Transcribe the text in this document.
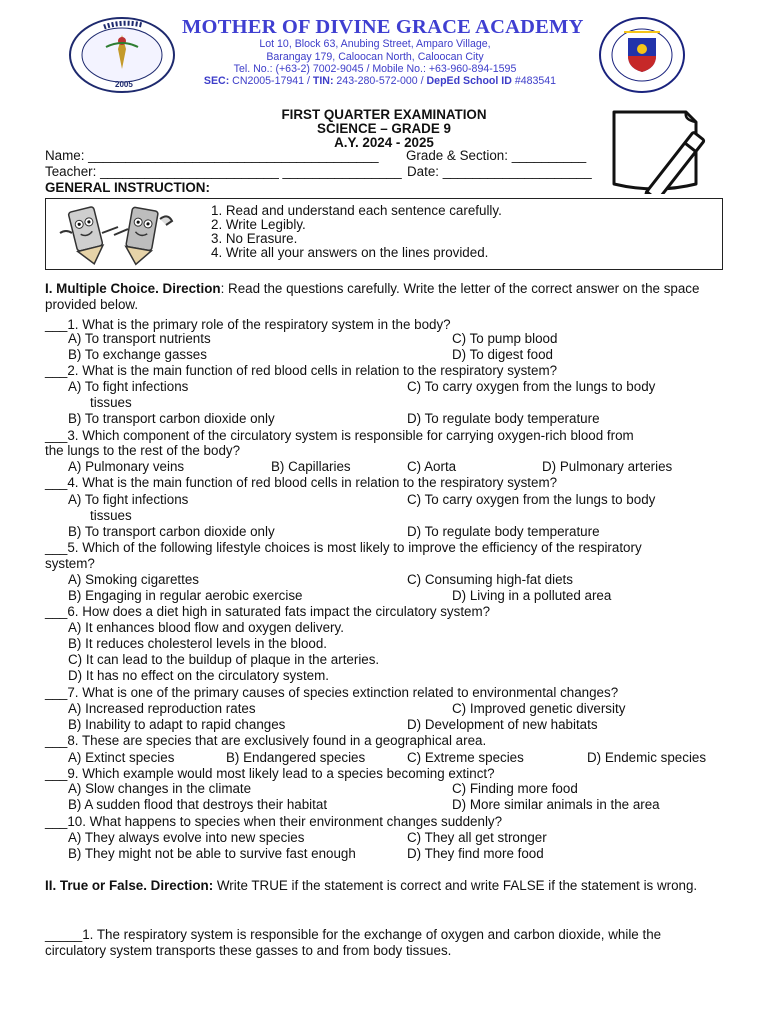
2005
MOTHER OF DIVINE GRACE ACADEMY
Lot 10, Block 63, Anubing Street, Amparo Village,
Barangay 179, Caloocan North, Caloocan City
Tel. No.: (+63-2) 7002-9045 / Mobile No.: +63-960-894-1595
SEC: CN2005-17941 / TIN: 243-280-572-000 / DepEd School ID #483541
FIRST QUARTER EXAMINATION
SCIENCE – GRADE 9
A.Y. 2024 - 2025
Name: _______________________________________ Grade & Section: __________
Teacher: ________________________ ________________ Date: ____________________
GENERAL INSTRUCTION:
1. Read and understand each sentence carefully.
2. Write Legibly.
3. No Erasure.
4. Write all your answers on the lines provided.
I. Multiple Choice. Direction: Read the questions carefully. Write the letter of the correct answer on the space provided below.
___1. What is the primary role of the respiratory system in the body?
A) To transport nutrients	C) To pump blood
B) To exchange gasses	D) To digest food
___2. What is the main function of red blood cells in relation to the respiratory system?
A) To fight infections	C) To carry oxygen from the lungs to body
tissues
B) To transport carbon dioxide only	D) To regulate body temperature
___3. Which component of the circulatory system is responsible for carrying oxygen-rich blood from
the lungs to the rest of the body?
A) Pulmonary veins	B) Capillaries	C) Aorta	D) Pulmonary arteries
___4. What is the main function of red blood cells in relation to the respiratory system?
A) To fight infections	C) To carry oxygen from the lungs to body
tissues
B) To transport carbon dioxide only	D) To regulate body temperature
___5. Which of the following lifestyle choices is most likely to improve the efficiency of the respiratory
system?
A) Smoking cigarettes	C) Consuming high-fat diets
B) Engaging in regular aerobic exercise	D) Living in a polluted area
___6. How does a diet high in saturated fats impact the circulatory system?
A) It enhances blood flow and oxygen delivery.
B) It reduces cholesterol levels in the blood.
C) It can lead to the buildup of plaque in the arteries.
D) It has no effect on the circulatory system.
___7. What is one of the primary causes of species extinction related to environmental changes?
A) Increased reproduction rates	C) Improved genetic diversity
B) Inability to adapt to rapid changes	D) Development of new habitats
___8. These are species that are exclusively found in a geographical area.
A) Extinct species	B) Endangered species	C) Extreme species	D) Endemic species
___9. Which example would most likely lead to a species becoming extinct?
A) Slow changes in the climate	C) Finding more food
B) A sudden flood that destroys their habitat	D) More similar animals in the area
___10. What happens to species when their environment changes suddenly?
A) They always evolve into new species	C) They all get stronger
B) They might not be able to survive fast enough	D) They find more food
II. True or False. Direction: Write TRUE if the statement is correct and write FALSE if the statement is wrong.
_____1. The respiratory system is responsible for the exchange of oxygen and carbon dioxide, while the circulatory system transports these gasses to and from body tissues.
